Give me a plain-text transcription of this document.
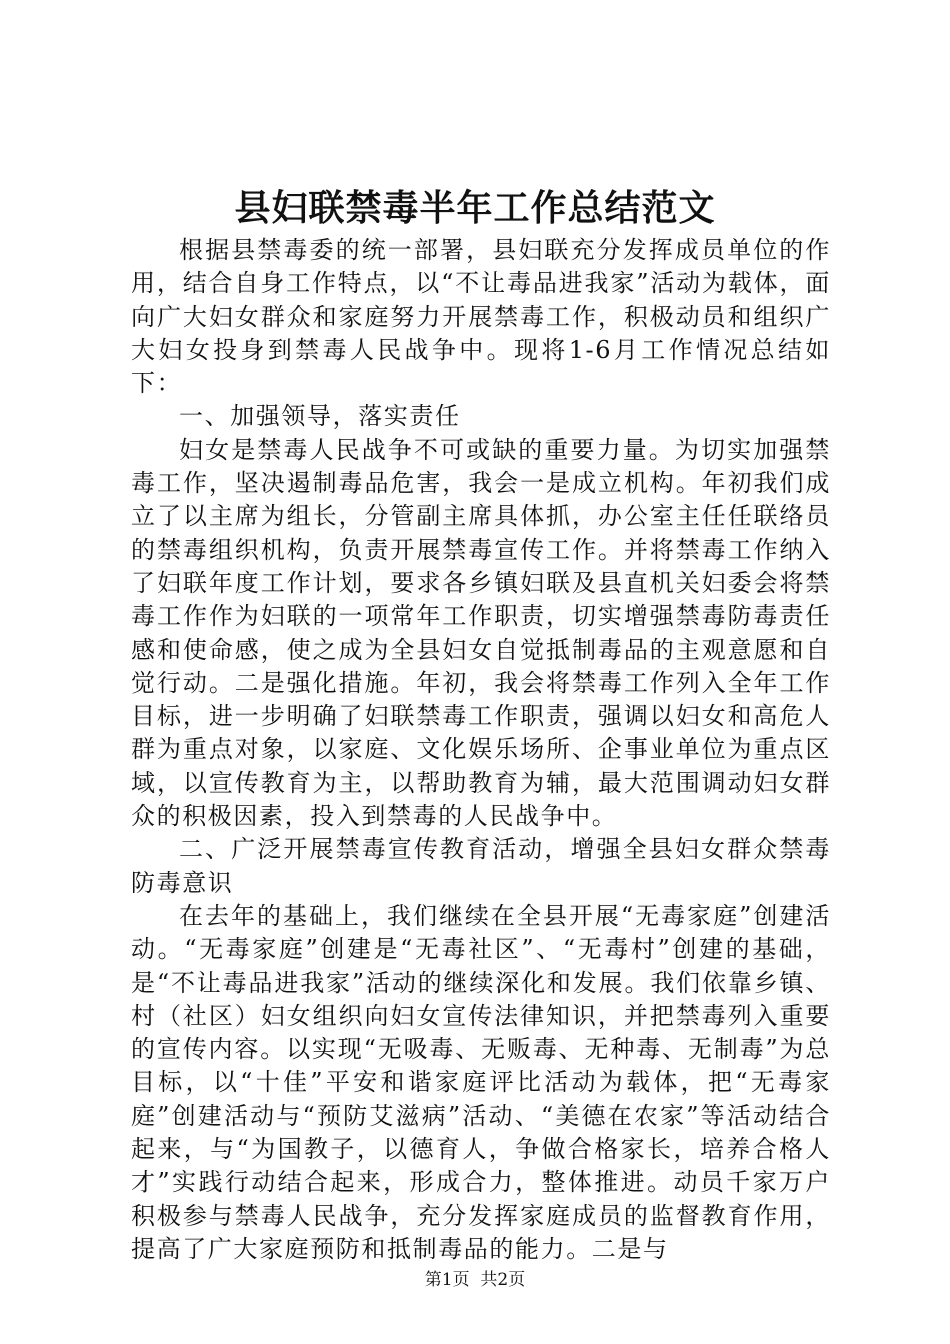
县妇联禁毒半年工作总结范文

根据县禁毒委的统一部署，县妇联充分发挥成员单位的作用，结合自身工作特点，以“不让毒品进我家”活动为载体，面向广大妇女群众和家庭努力开展禁毒工作，积极动员和组织广大妇女投身到禁毒人民战争中。现将1-6月工作情况总结如下：

一、加强领导，落实责任

妇女是禁毒人民战争不可或缺的重要力量。为切实加强禁毒工作，坚决遏制毒品危害，我会一是成立机构。年初我们成立了以主席为组长，分管副主席具体抓，办公室主任任联络员的禁毒组织机构，负责开展禁毒宣传工作。并将禁毒工作纳入了妇联年度工作计划，要求各乡镇妇联及县直机关妇委会将禁毒工作作为妇联的一项常年工作职责，切实增强禁毒防毒责任感和使命感，使之成为全县妇女自觉抵制毒品的主观意愿和自觉行动。二是强化措施。年初，我会将禁毒工作列入全年工作目标，进一步明确了妇联禁毒工作职责，强调以妇女和高危人群为重点对象，以家庭、文化娱乐场所、企事业单位为重点区域，以宣传教育为主，以帮助教育为辅，最大范围调动妇女群众的积极因素，投入到禁毒的人民战争中。

二、广泛开展禁毒宣传教育活动，增强全县妇女群众禁毒防毒意识

在去年的基础上，我们继续在全县开展“无毒家庭”创建活动。“无毒家庭”创建是“无毒社区”、“无毒村”创建的基础，是“不让毒品进我家”活动的继续深化和发展。我们依靠乡镇、村（社区）妇女组织向妇女宣传法律知识，并把禁毒列入重要的宣传内容。以实现“无吸毒、无贩毒、无种毒、无制毒”为总目标，以“十佳”平安和谐家庭评比活动为载体，把“无毒家庭”创建活动与“预防艾滋病”活动、“美德在农家”等活动结合起来，与“为国教子，以德育人，争做合格家长，培养合格人才”实践行动结合起来，形成合力，整体推进。动员千家万户积极参与禁毒人民战争，充分发挥家庭成员的监督教育作用，提高了广大家庭预防和抵制毒品的能力。二是与

第1页 共2页
